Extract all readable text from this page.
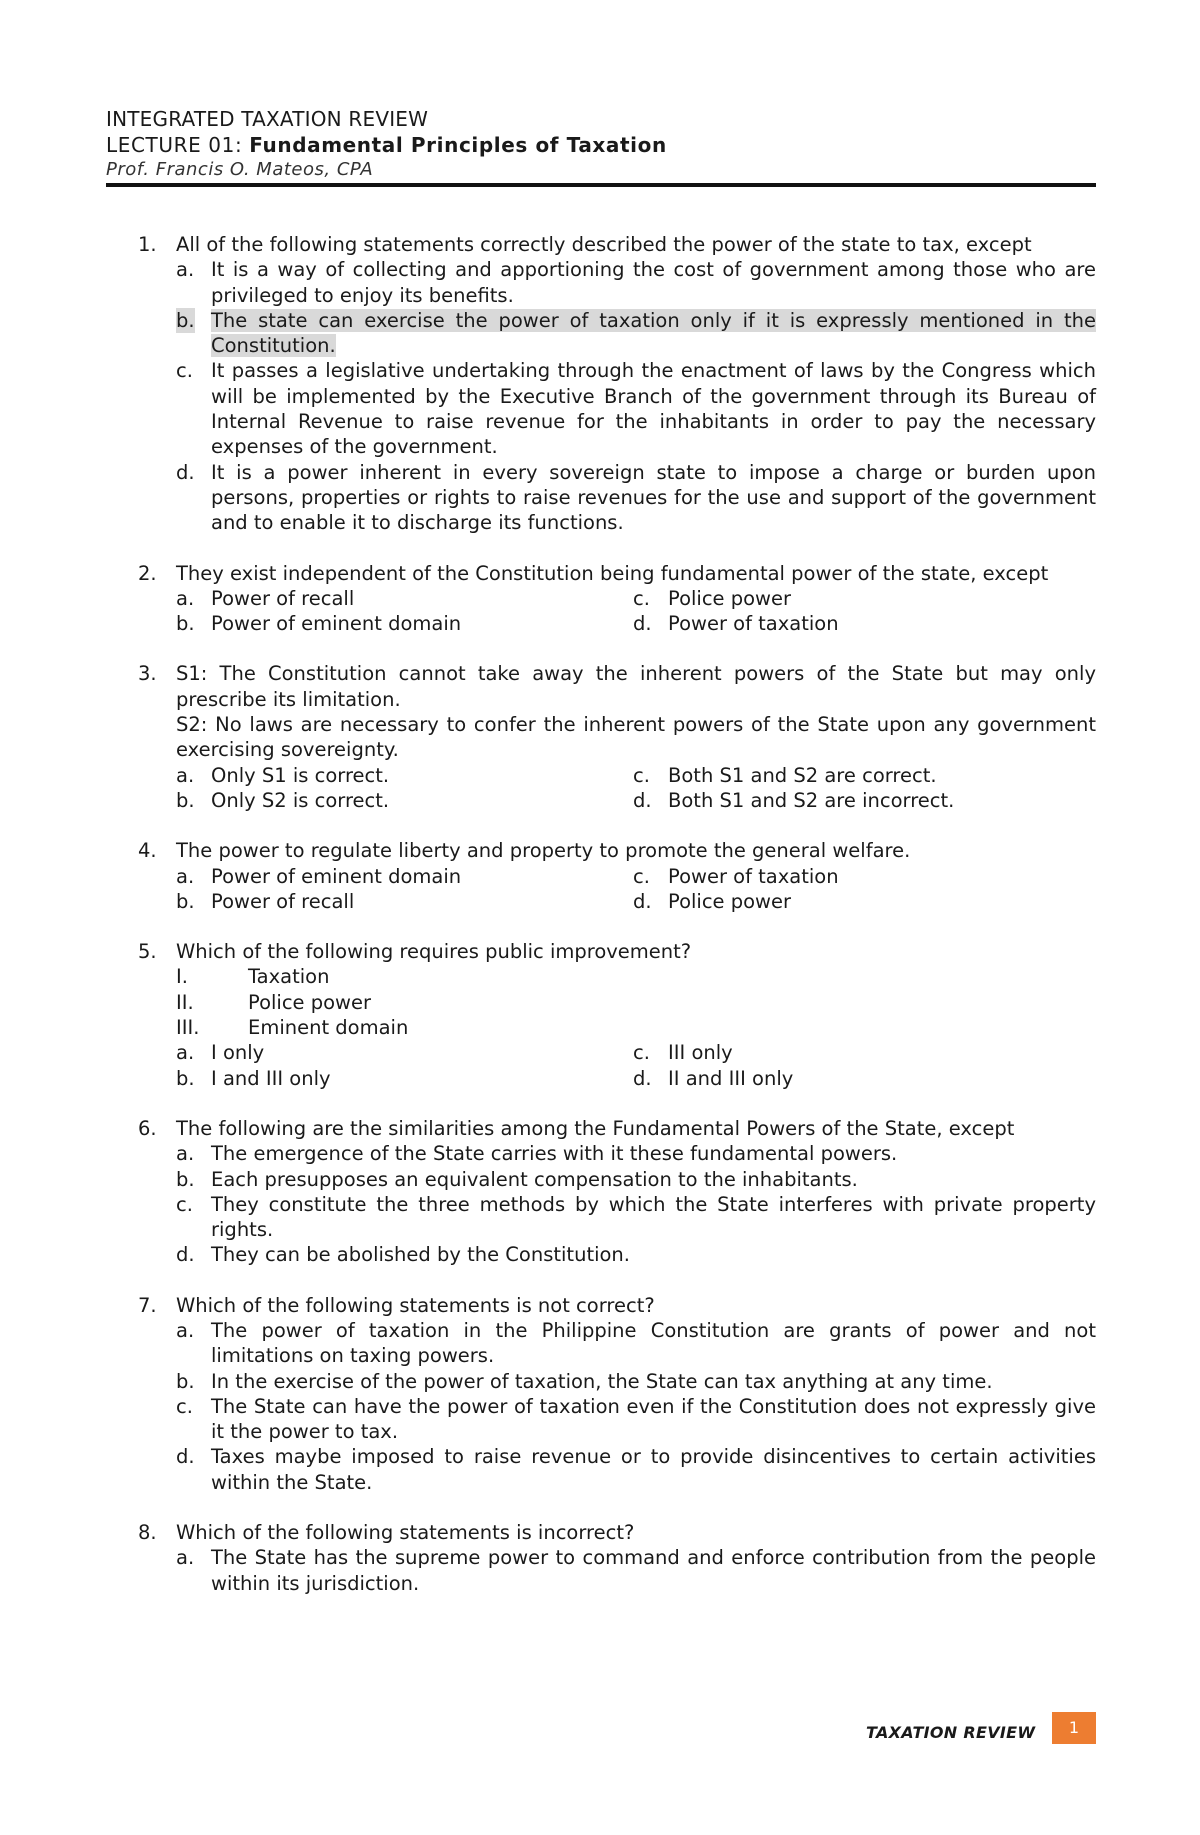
INTEGRATED TAXATION REVIEW
LECTURE 01: Fundamental Principles of Taxation
Prof. Francis O. Mateos, CPA
1. All of the following statements correctly described the power of the state to tax, except
a. It is a way of collecting and apportioning the cost of government among those who are privileged to enjoy its benefits.
b. The state can exercise the power of taxation only if it is expressly mentioned in the Constitution.
c. It passes a legislative undertaking through the enactment of laws by the Congress which will be implemented by the Executive Branch of the government through its Bureau of Internal Revenue to raise revenue for the inhabitants in order to pay the necessary expenses of the government.
d. It is a power inherent in every sovereign state to impose a charge or burden upon persons, properties or rights to raise revenues for the use and support of the government and to enable it to discharge its functions.
2. They exist independent of the Constitution being fundamental power of the state, except
a. Power of recall	c. Police power
b. Power of eminent domain	d. Power of taxation
3. S1: The Constitution cannot take away the inherent powers of the State but may only prescribe its limitation.
S2: No laws are necessary to confer the inherent powers of the State upon any government exercising sovereignty.
a. Only S1 is correct.	c. Both S1 and S2 are correct.
b. Only S2 is correct.	d. Both S1 and S2 are incorrect.
4. The power to regulate liberty and property to promote the general welfare.
a. Power of eminent domain	c. Power of taxation
b. Power of recall	d. Police power
5. Which of the following requires public improvement?
I.	Taxation
II.	Police power
III. Eminent domain
a. I only	c. III only
b. I and III only	d. II and III only
6. The following are the similarities among the Fundamental Powers of the State, except
a. The emergence of the State carries with it these fundamental powers.
b. Each presupposes an equivalent compensation to the inhabitants.
c. They constitute the three methods by which the State interferes with private property rights.
d. They can be abolished by the Constitution.
7. Which of the following statements is not correct?
a. The power of taxation in the Philippine Constitution are grants of power and not limitations on taxing powers.
b. In the exercise of the power of taxation, the State can tax anything at any time.
c. The State can have the power of taxation even if the Constitution does not expressly give it the power to tax.
d. Taxes maybe imposed to raise revenue or to provide disincentives to certain activities within the State.
8. Which of the following statements is incorrect?
a. The State has the supreme power to command and enforce contribution from the people within its jurisdiction.
TAXATION REVIEW	1
